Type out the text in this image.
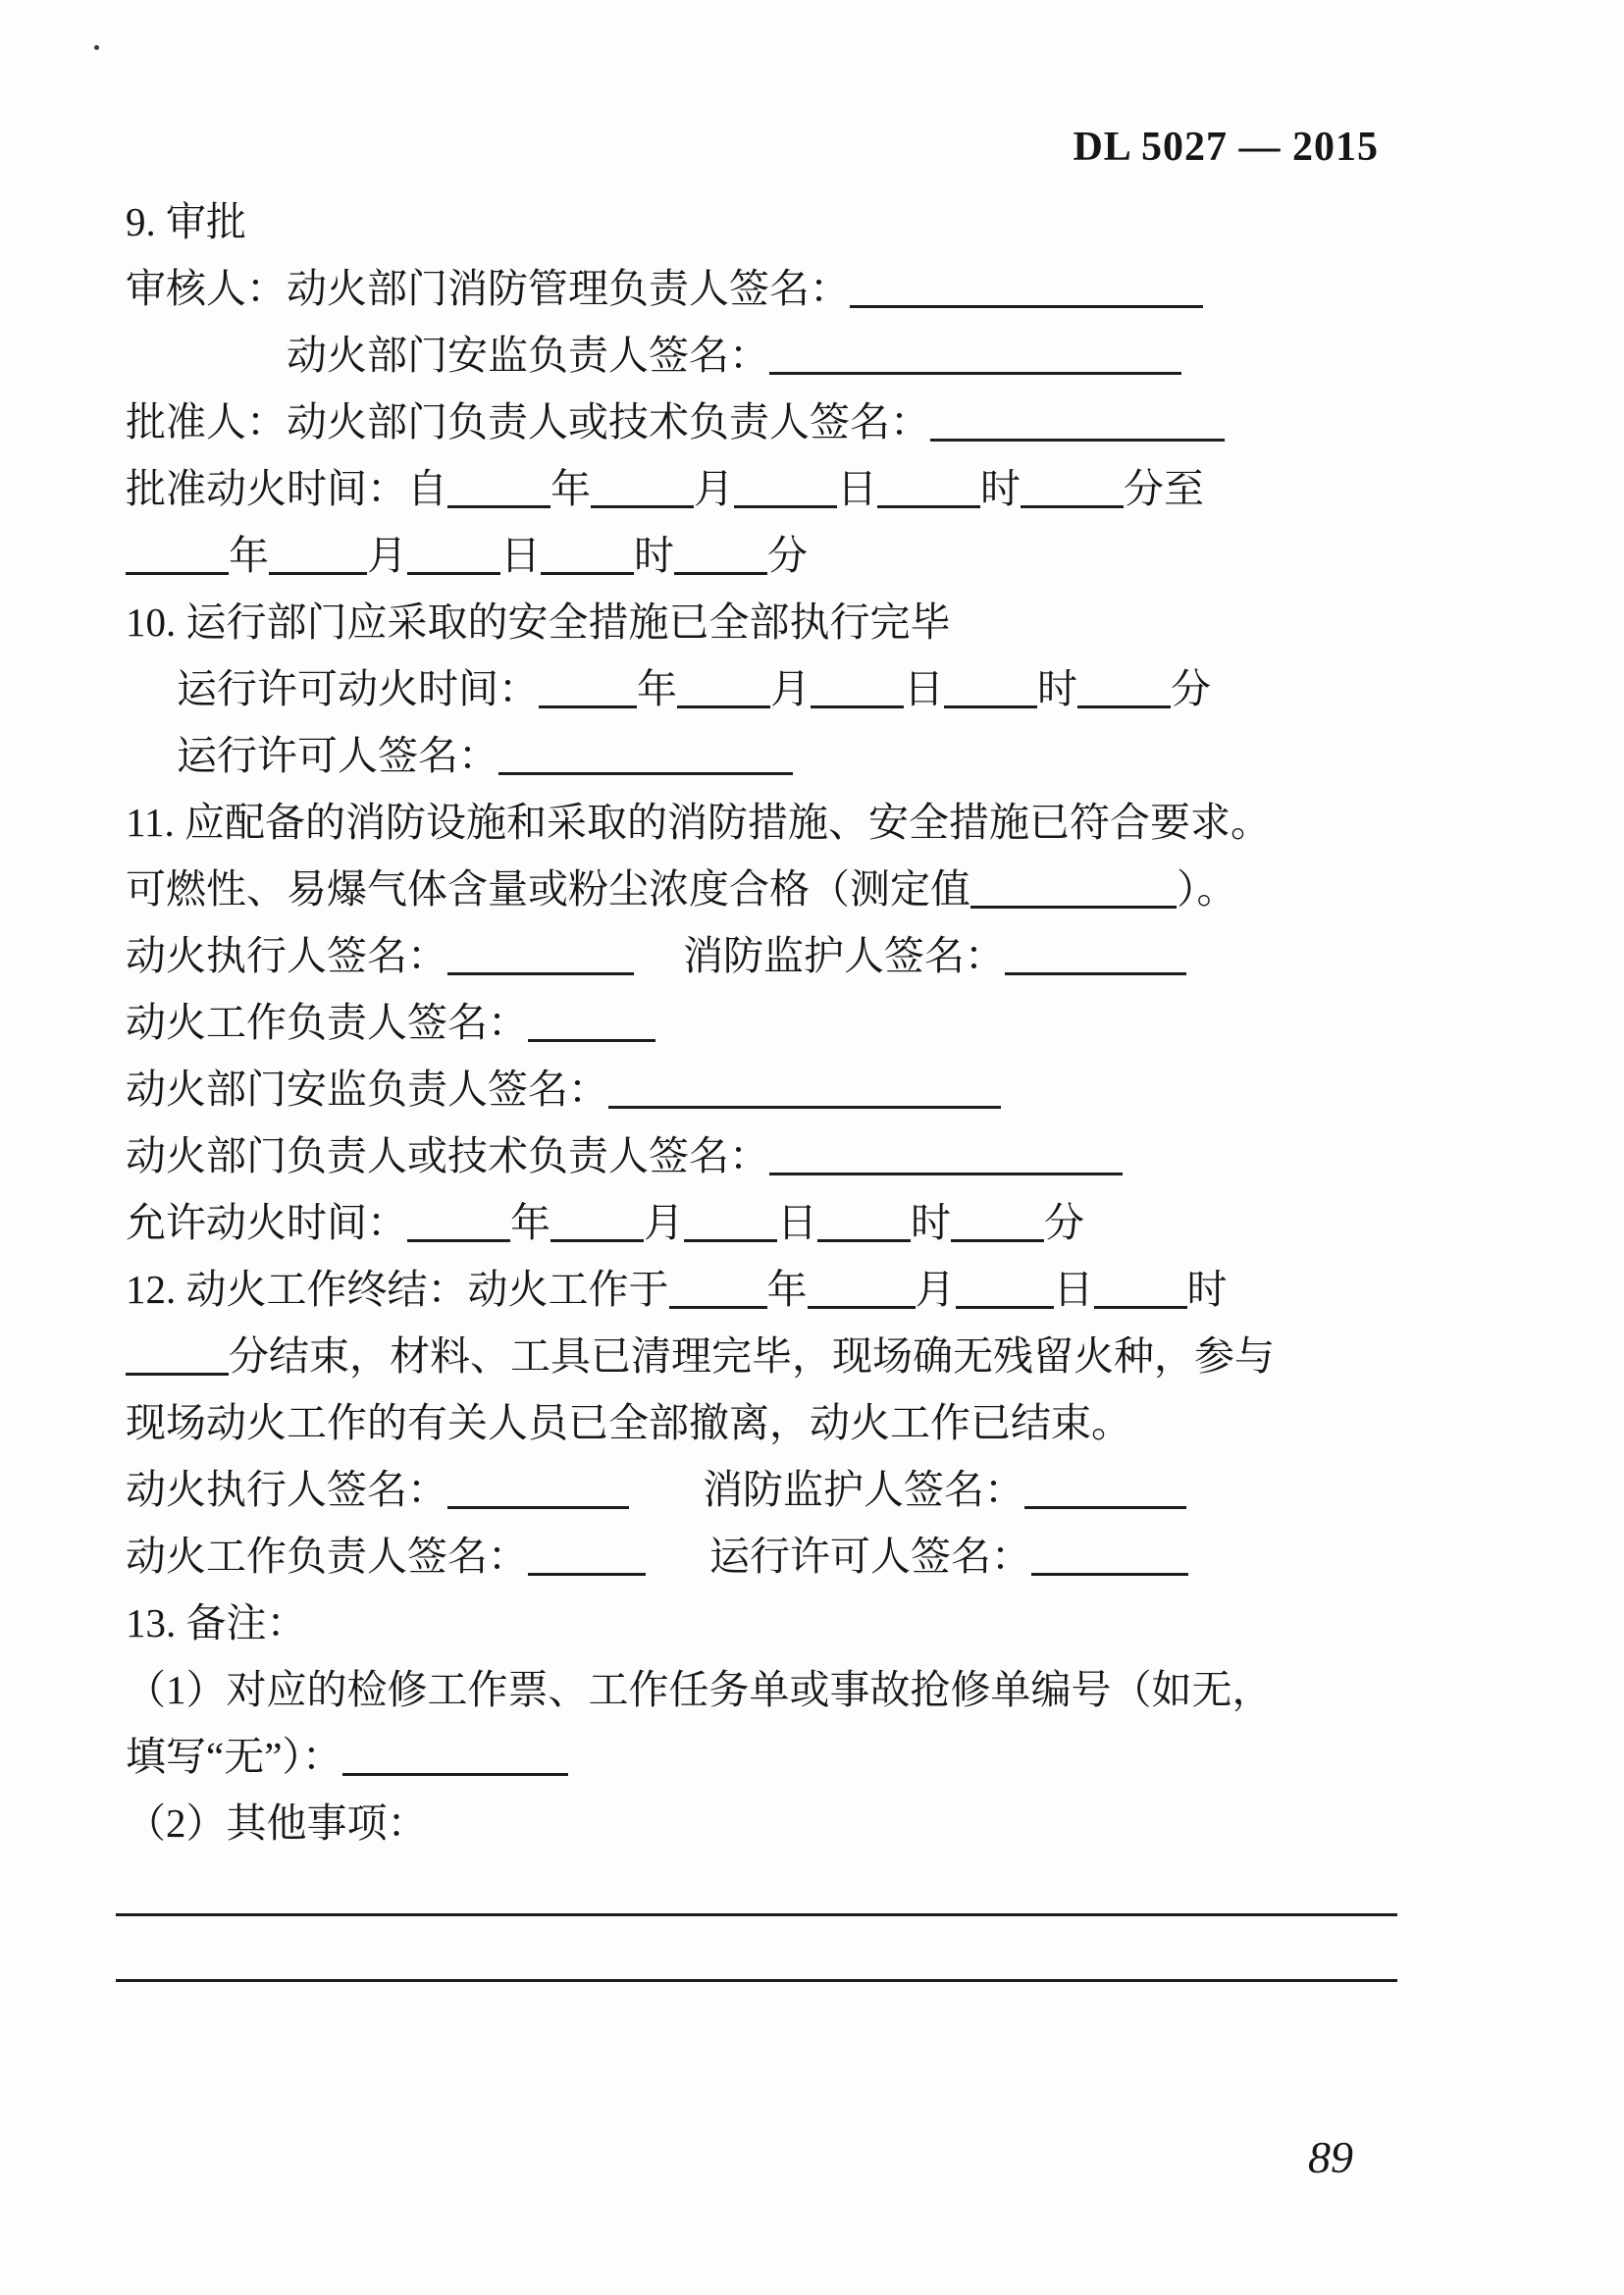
DL 5027 — 2015

9. 审批

审核人：动火部门消防管理负责人签名：

动火部门安监负责人签名：

批准人：动火部门负责人或技术负责人签名：

批准动火时间：自	年	月	日	时	分至

年 月 日 时 分

10. 运行部门应采取的安全措施已全部执行完毕

运行许可动火时间： 年 月 日 时 分

运行许可人签名：

11. 应配备的消防设施和采取的消防措施、安全措施已符合要求。

可燃性、易爆气体含量或粉尘浓度合格（测定值	）。

动火执行人签名：	消防监护人签名：

动火工作负责人签名：

动火部门安监负责人签名：

动火部门负责人或技术负责人签名：

允许动火时间：	年 月 日 时 分

12. 动火工作终结：动火工作于 年	月 日 时

分结束，材料、工具已清理完毕，现场确无残留火种，参与

现场动火工作的有关人员已全部撤离，动火工作已结束。

动火执行人签名：	消防监护人签名：

动火工作负责人签名：	运行许可人签名：

13. 备注：

（1）对应的检修工作票、工作任务单或事故抢修单编号（如无，

填写“无”）：

（2）其他事项：

89
